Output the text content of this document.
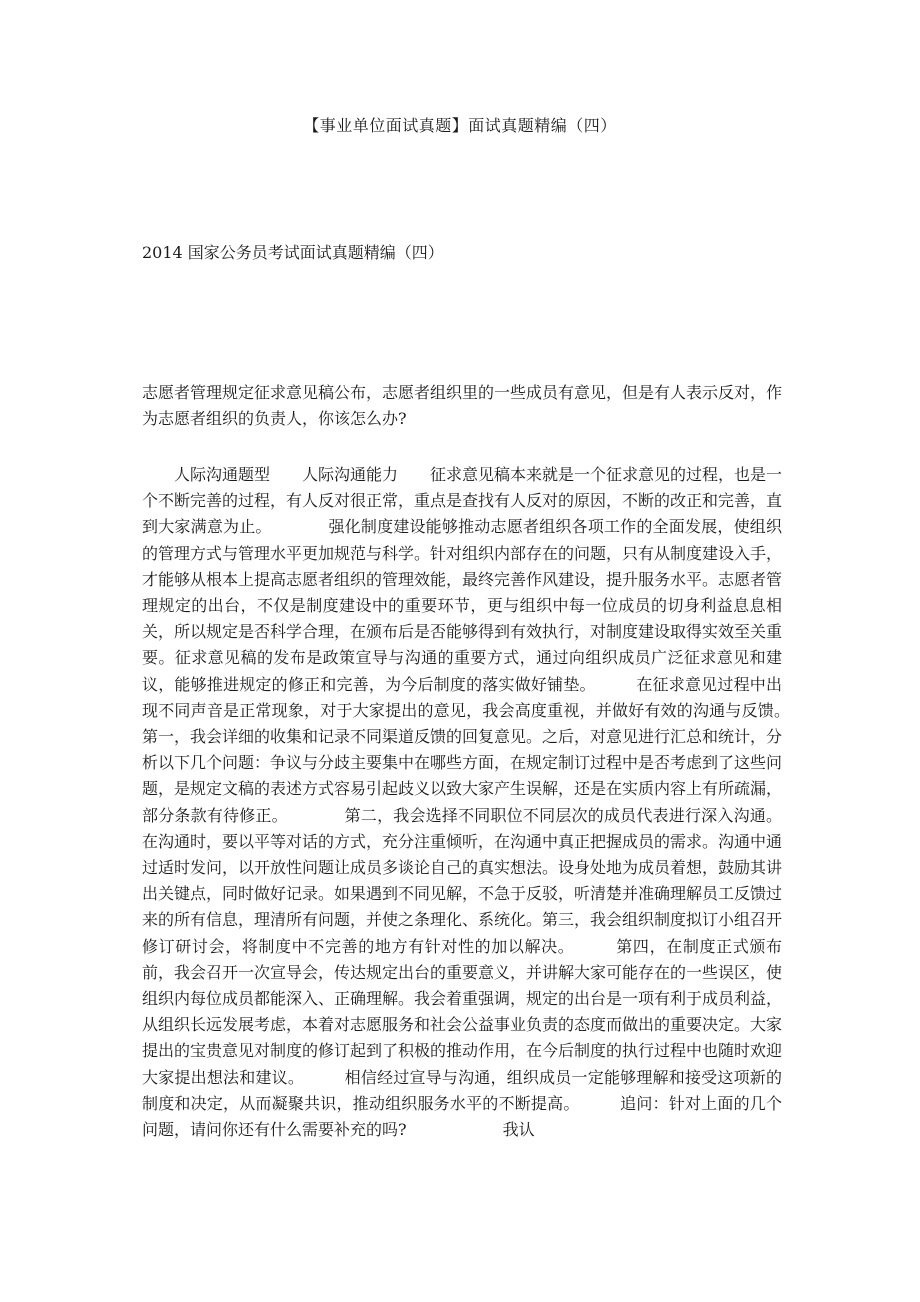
【事业单位面试真题】面试真题精编（四）
2014 国家公务员考试面试真题精编（四）

志愿者管理规定征求意见稿公布，志愿者组织里的一些成员有意见，但是有人表示反对，作为志愿者组织的负责人，你该怎么办?

人际沟通题型　　人际沟通能力　　征求意见稿本来就是一个征求意见的过程，也是一个不断完善的过程，有人反对很正常，重点是查找有人反对的原因，不断的改正和完善，直到大家满意为止。　　　　强化制度建设能够推动志愿者组织各项工作的全面发展，使组织的管理方式与管理水平更加规范与科学。针对组织内部存在的问题，只有从制度建设入手，才能够从根本上提高志愿者组织的管理效能，最终完善作风建设，提升服务水平。志愿者管理规定的出台，不仅是制度建设中的重要环节，更与组织中每一位成员的切身利益息息相关，所以规定是否科学合理，在颁布后是否能够得到有效执行，对制度建设取得实效至关重要。征求意见稿的发布是政策宣导与沟通的重要方式，通过向组织成员广泛征求意见和建议，能够推进规定的修正和完善，为今后制度的落实做好铺垫。　　　在征求意见过程中出现不同声音是正常现象，对于大家提出的意见，我会高度重视，并做好有效的沟通与反馈。　　　第一，我会详细的收集和记录不同渠道反馈的回复意见。之后，对意见进行汇总和统计，分析以下几个问题：争议与分歧主要集中在哪些方面，在规定制订过程中是否考虑到了这些问题，是规定文稿的表述方式容易引起歧义以致大家产生误解，还是在实质内容上有所疏漏，部分条款有待修正。　　　　第二，我会选择不同职位不同层次的成员代表进行深入沟通。在沟通时，要以平等对话的方式，充分注重倾听，在沟通中真正把握成员的需求。沟通中通过适时发问，以开放性问题让成员多谈论自己的真实想法。设身处地为成员着想，鼓励其讲出关键点，同时做好记录。如果遇到不同见解，不急于反驳，听清楚并准确理解员工反馈过来的所有信息，理清所有问题，并使之条理化、系统化。第三，我会组织制度拟订小组召开修订研讨会，将制度中不完善的地方有针对性的加以解决。　　　第四，在制度正式颁布前，我会召开一次宣导会，传达规定出台的重要意义，并讲解大家可能存在的一些误区，使组织内每位成员都能深入、正确理解。我会着重强调，规定的出台是一项有利于成员利益，从组织长远发展考虑，本着对志愿服务和社会公益事业负责的态度而做出的重要决定。大家提出的宝贵意见对制度的修订起到了积极的推动作用，在今后制度的执行过程中也随时欢迎大家提出想法和建议。　　　相信经过宣导与沟通，组织成员一定能够理解和接受这项新的制度和决定，从而凝聚共识，推动组织服务水平的不断提高。　　　追问：针对上面的几个问题，请问你还有什么需要补充的吗?　　　　　　我认
